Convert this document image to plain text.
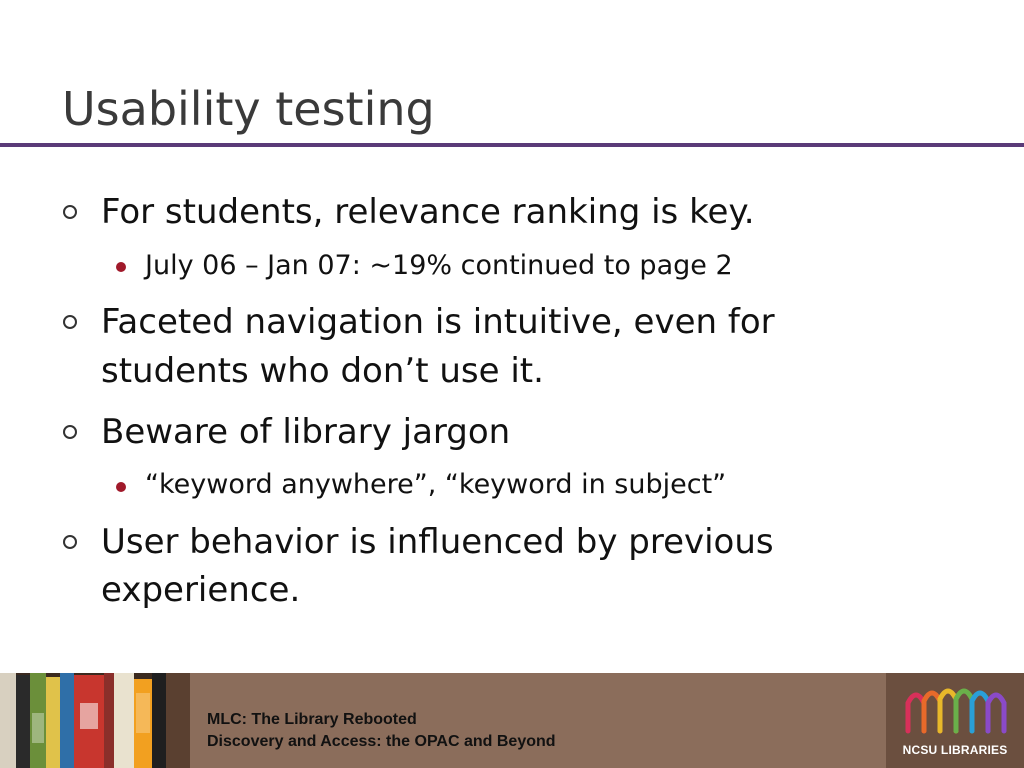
Usability testing
For students, relevance ranking is key.
July 06 – Jan 07: ~19% continued to page 2
Faceted navigation is intuitive, even for
students who don’t use it.
Beware of library jargon
“keyword anywhere”, “keyword in subject”
User behavior is influenced by previous
experience.
MLC: The Library Rebooted
Discovery and Access: the OPAC and Beyond	NCSU LIBRARIES
